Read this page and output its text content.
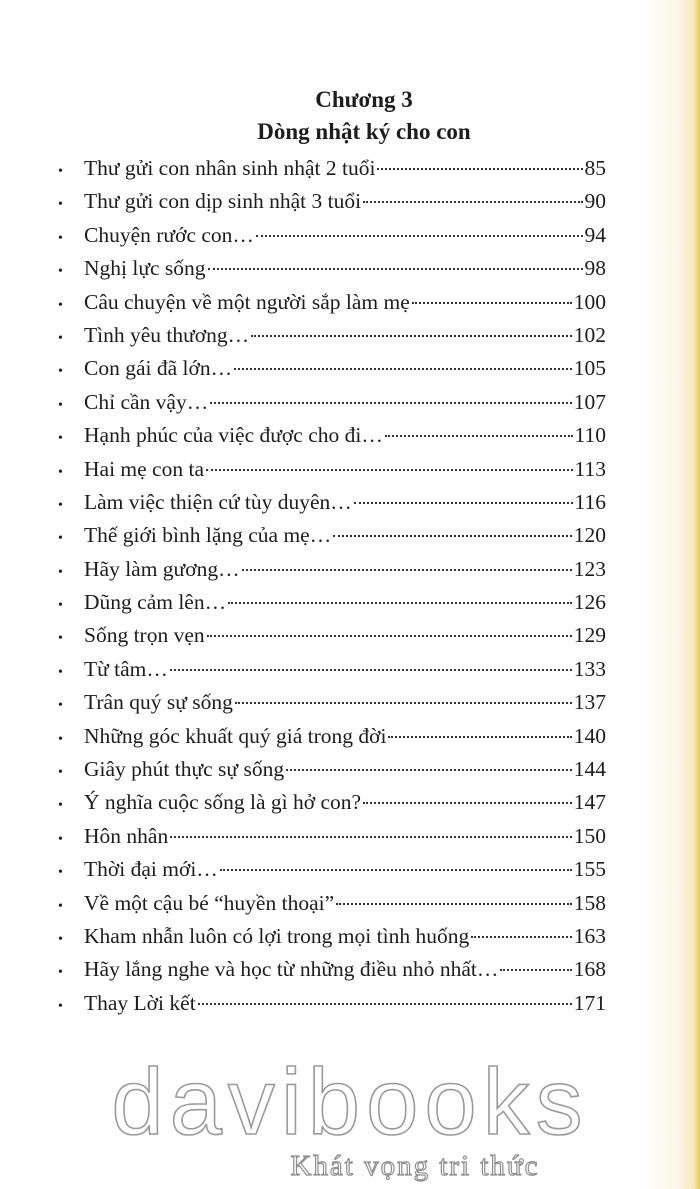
Chương 3
Dòng nhật ký cho con
• Thư gửi con nhân sinh nhật 2 tuổi	85
• Thư gửi con dịp sinh nhật 3 tuổi	90
• Chuyện rước con…	94
• Nghị lực sống	98
• Câu chuyện về một người sắp làm mẹ	100
• Tình yêu thương…	102
• Con gái đã lớn…	105
• Chỉ cần vậy…	107
• Hạnh phúc của việc được cho đi…	110
• Hai mẹ con ta	113
• Làm việc thiện cứ tùy duyên…	116
• Thế giới bình lặng của mẹ…	120
• Hãy làm gương…	123
• Dũng cảm lên…	126
• Sống trọn vẹn	129
• Từ tâm…	133
• Trân quý sự sống	137
• Những góc khuất quý giá trong đời	140
• Giây phút thực sự sống	144
• Ý nghĩa cuộc sống là gì hở con?	147
• Hôn nhân	150
• Thời đại mới…	155
• Về một cậu bé “huyền thoại”	158
• Kham nhẫn luôn có lợi trong mọi tình huống	163
• Hãy lắng nghe và học từ những điều nhỏ nhất…	168
• Thay Lời kết	171
davibooks
Khát vọng tri thức
